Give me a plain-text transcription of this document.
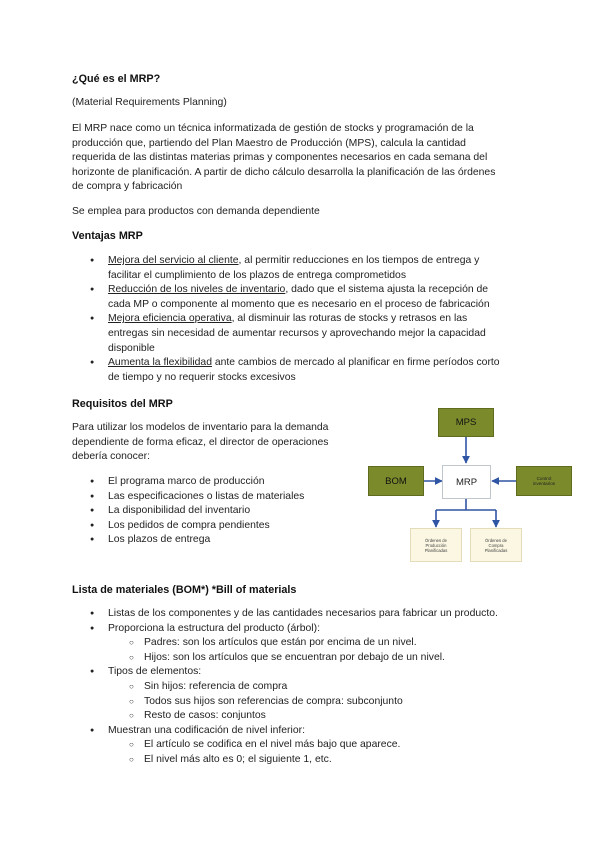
¿Qué es el MRP?
(Material Requirements Planning)
El MRP nace como un técnica informatizada de gestión de stocks y programación de la
producción que, partiendo del Plan Maestro de Producción (MPS), calcula la cantidad
requerida de las distintas materias primas y componentes necesarios en cada semana del
horizonte de planificación. A partir de dicho cálculo desarrolla la planificación de las órdenes
de compra y fabricación
Se emplea para productos con demanda dependiente
Ventajas MRP
● Mejora del servicio al cliente, al permitir reducciones en los tiempos de entrega y
facilitar el cumplimiento de los plazos de entrega comprometidos
● Reducción de los niveles de inventario, dado que el sistema ajusta la recepción de
cada MP o componente al momento que es necesario en el proceso de fabricación
● Mejora eficiencia operativa, al disminuir las roturas de stocks y retrasos en las
entregas sin necesidad de aumentar recursos y aprovechando mejor la capacidad
disponible
● Aumenta la flexibilidad ante cambios de mercado al planificar en firme períodos corto
de tiempo y no requerir stocks excesivos
Requisitos del MRP
Para utilizar los modelos de inventario para la demanda
dependiente de forma eficaz, el director de operaciones
debería conocer:
● El programa marco de producción
● Las especificaciones o listas de materiales
● La disponibilidad del inventario
● Los pedidos de compra pendientes
● Los plazos de entrega
MPS
BOM	MRP	Control
inventarios
Órdenes de
Producción
Planificadas
Órdenes de
Compra
Planificadas
Lista de materiales (BOM*) *Bill of materials
● Listas de los componentes y de las cantidades necesarios para fabricar un producto.
● Proporciona la estructura del producto (árbol):
○ Padres: son los artículos que están por encima de un nivel.
○ Hijos: son los artículos que se encuentran por debajo de un nivel.
● Tipos de elementos:
○ Sin hijos: referencia de compra
○ Todos sus hijos son referencias de compra: subconjunto
○ Resto de casos: conjuntos
● Muestran una codificación de nivel inferior:
○ El artículo se codifica en el nivel más bajo que aparece.
○ El nivel más alto es 0; el siguiente 1, etc.
